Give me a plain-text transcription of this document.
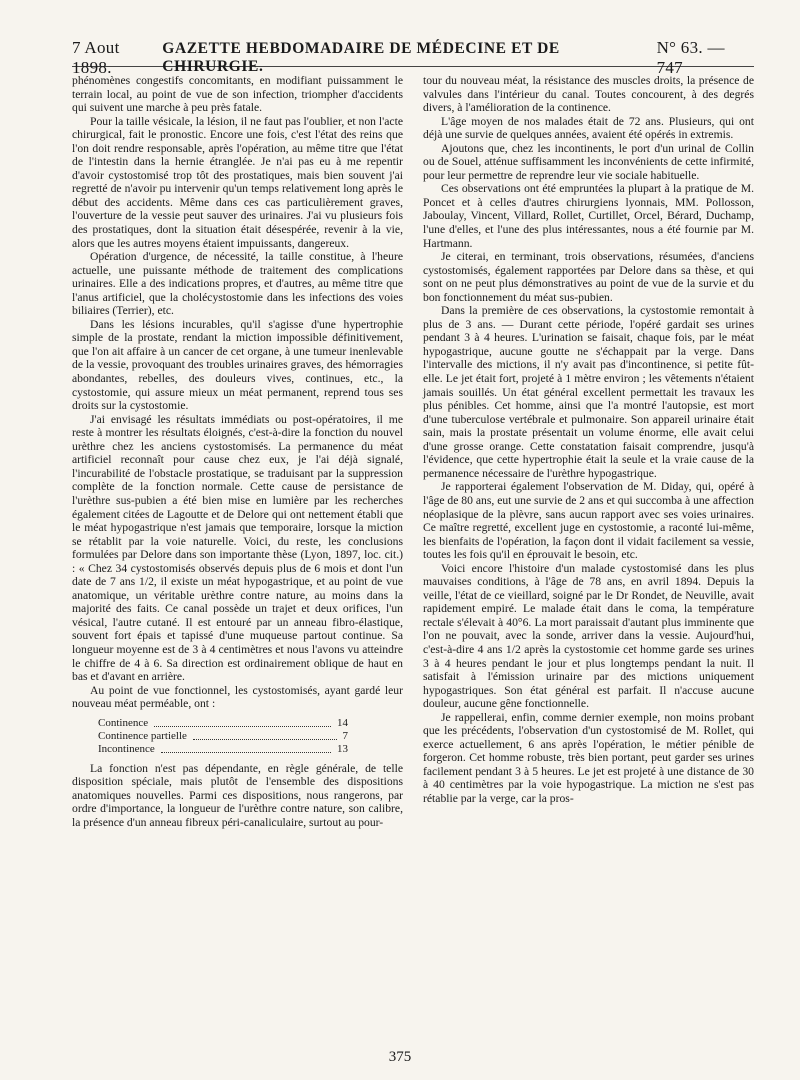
7 Aout 1898.
GAZETTE HEBDOMADAIRE DE MÉDECINE ET DE CHIRURGIE.
N° 63. — 747

phénomènes congestifs concomitants, en modifiant puissamment le terrain local, au point de vue de son infection, triompher d'accidents qui suivent une marche à peu près fatale.

Pour la taille vésicale, la lésion, il ne faut pas l'oublier, et non l'acte chirurgical, fait le pronostic. Encore une fois, c'est l'état des reins que l'on doit rendre responsable, après l'opération, au même titre que l'état de l'intestin dans la hernie étranglée. Je n'ai pas eu à me repentir d'avoir cystostomisé trop tôt des prostatiques, mais bien souvent j'ai regretté de n'avoir pu intervenir qu'un temps relativement long après le début des accidents. Même dans ces cas particulièrement graves, l'ouverture de la vessie peut sauver des urinaires. J'ai vu plusieurs fois des prostatiques, dont la situation était désespérée, revenir à la vie, alors que les autres moyens étaient impuissants, dangereux.

Opération d'urgence, de nécessité, la taille constitue, à l'heure actuelle, une puissante méthode de traitement des complications urinaires. Elle a des indications propres, et d'autres, au même titre que l'anus artificiel, que la cholécystostomie dans les infections des voies biliaires (Terrier), etc.

Dans les lésions incurables, qu'il s'agisse d'une hypertrophie simple de la prostate, rendant la miction impossible définitivement, que l'on ait affaire à un cancer de cet organe, à une tumeur inenlevable de la vessie, provoquant des troubles urinaires graves, des hémorragies abondantes, rebelles, des douleurs vives, continues, etc., la cystostomie, qui assure mieux un méat permanent, reprend tous ses droits sur la cystostomie.

J'ai envisagé les résultats immédiats ou post-opératoires, il me reste à montrer les résultats éloignés, c'est-à-dire la fonction du nouvel urèthre chez les anciens cystostomisés. La permanence du méat artificiel reconnaît pour cause chez eux, je l'ai déjà signalé, l'incurabilité de l'obstacle prostatique, se traduisant par la suppression complète de la fonction normale. Cette cause de persistance de l'urèthre sus-pubien a été bien mise en lumière par les recherches également citées de Lagoutte et de Delore qui ont nettement établi que le méat hypogastrique n'est jamais que temporaire, lorsque la miction se rétablit par la voie naturelle. Voici, du reste, les conclusions formulées par Delore dans son importante thèse (Lyon, 1897, loc. cit.) : « Chez 34 cystostomisés observés depuis plus de 6 mois et dont l'un date de 7 ans 1/2, il existe un méat hypogastrique, et au point de vue anatomique, un véritable urèthre contre nature, au moins dans la majorité des faits. Ce canal possède un trajet et deux orifices, l'un vésical, l'autre cutané. Il est entouré par un anneau fibro-élastique, souvent fort épais et tapissé d'une muqueuse partout continue. Sa longueur moyenne est de 3 à 4 centimètres et nous l'avons vu atteindre le chiffre de 4 à 6. Sa direction est ordinairement oblique de haut en bas et d'avant en arrière.

Au point de vue fonctionnel, les cystostomisés, ayant gardé leur nouveau méat perméable, ont :

Continence	14
Continence partielle	7
Incontinence	13

La fonction n'est pas dépendante, en règle générale, de telle disposition spéciale, mais plutôt de l'ensemble des dispositions anatomiques nouvelles. Parmi ces dispositions, nous rangerons, par ordre d'importance, la longueur de l'urèthre contre nature, son calibre, la présence d'un anneau fibreux péri-canaliculaire, surtout au pour-

tour du nouveau méat, la résistance des muscles droits, la présence de valvules dans l'intérieur du canal. Toutes concourent, à des degrés divers, à l'amélioration de la continence.

L'âge moyen de nos malades était de 72 ans. Plusieurs, qui ont déjà une survie de quelques années, avaient été opérés in extremis.

Ajoutons que, chez les incontinents, le port d'un urinal de Collin ou de Souel, atténue suffisamment les inconvénients de cette infirmité, pour leur permettre de reprendre leur vie sociale habituelle.

Ces observations ont été empruntées la plupart à la pratique de M. Poncet et à celles d'autres chirurgiens lyonnais, MM. Pollosson, Jaboulay, Vincent, Villard, Rollet, Curtillet, Orcel, Bérard, Duchamp, l'une d'elles, et l'une des plus intéressantes, nous a été fournie par M. Hartmann.

Je citerai, en terminant, trois observations, résumées, d'anciens cystostomisés, également rapportées par Delore dans sa thèse, et qui sont on ne peut plus démonstratives au point de vue de la survie et du bon fonctionnement du méat sus-pubien.

Dans la première de ces observations, la cystostomie remontait à plus de 3 ans. — Durant cette période, l'opéré gardait ses urines pendant 3 à 4 heures. L'urination se faisait, chaque fois, par le méat hypogastrique, aucune goutte ne s'échappait par la verge. Dans l'intervalle des mictions, il n'y avait pas d'incontinence, si petite fût-elle. Le jet était fort, projeté à 1 mètre environ ; les vêtements n'étaient jamais souillés. Un état général excellent permettait les travaux les plus pénibles. Cet homme, ainsi que l'a montré l'autopsie, est mort d'une tuberculose vertébrale et pulmonaire. Son appareil urinaire était sain, mais la prostate présentait un volume énorme, elle avait celui d'une grosse orange. Cette constatation faisait comprendre, jusqu'à l'évidence, que cette hypertrophie était la seule et la vraie cause de la permanence nécessaire de l'urèthre hypogastrique.

Je rapporterai également l'observation de M. Diday, qui, opéré à l'âge de 80 ans, eut une survie de 2 ans et qui succomba à une affection néoplasique de la plèvre, sans aucun rapport avec ses voies urinaires. Ce maître regretté, excellent juge en cystostomie, a raconté lui-même, les bienfaits de l'opération, la façon dont il vidait facilement sa vessie, toutes les fois qu'il en éprouvait le besoin, etc.

Voici encore l'histoire d'un malade cystostomisé dans les plus mauvaises conditions, à l'âge de 78 ans, en avril 1894. Depuis la veille, l'état de ce vieillard, soigné par le Dr Rondet, de Neuville, avait rapidement empiré. Le malade était dans le coma, la température rectale s'élevait à 40°6. La mort paraissait d'autant plus imminente que l'on ne pouvait, avec la sonde, arriver dans la vessie. Aujourd'hui, c'est-à-dire 4 ans 1/2 après la cystostomie cet homme garde ses urines 3 à 4 heures pendant le jour et plus longtemps pendant la nuit. Il satisfait à l'émission urinaire par des mictions uniquement hypogastriques. Son état général est parfait. Il n'accuse aucune douleur, aucune gêne fonctionnelle.

Je rappellerai, enfin, comme dernier exemple, non moins probant que les précédents, l'observation d'un cystostomisé de M. Rollet, qui exerce actuellement, 6 ans après l'opération, le métier pénible de forgeron. Cet homme robuste, très bien portant, peut garder ses urines facilement pendant 3 à 5 heures. Le jet est projeté à une distance de 30 à 40 centimètres par la voie hypogastrique. La miction ne s'est pas rétablie par la verge, car la pros-

375
